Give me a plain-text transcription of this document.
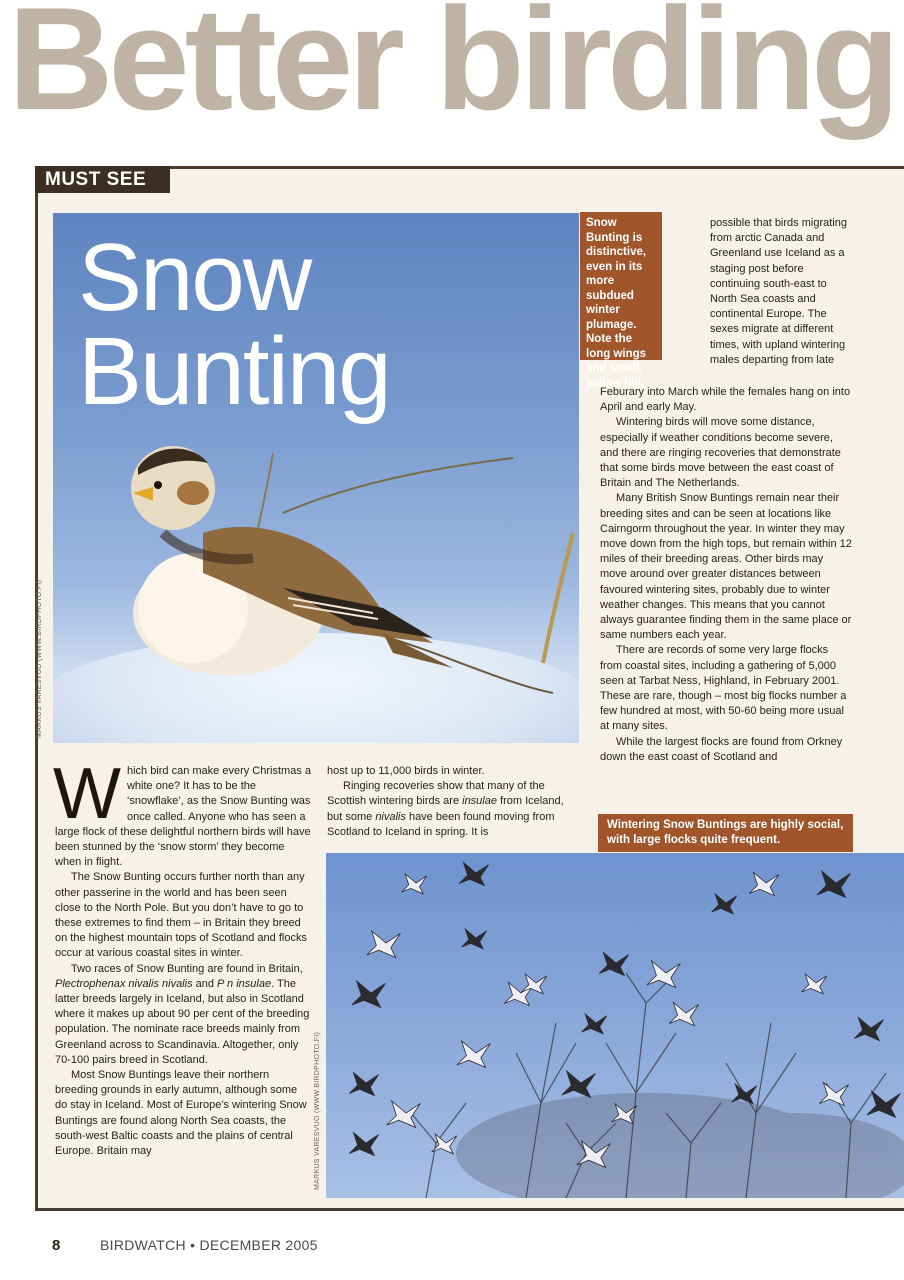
Better birding
MUST SEE
Snow
Bunting
MARKUS VARESVUO (WWW.BIRDPHOTO.FI)
Snow Bunting is distinctive, even in its more subdued winter plumage. Note the long wings and small, yellow bill.
possible that birds migrating from arctic Canada and Greenland use Iceland as a staging post before continuing south-east to North Sea coasts and continental Europe. The sexes migrate at different times, with upland wintering males departing from late

Feburary into March while the females hang on into April and early May.

Wintering birds will move some distance, especially if weather conditions become severe, and there are ringing recoveries that demonstrate that some birds move between the east coast of Britain and The Netherlands.

Many British Snow Buntings remain near their breeding sites and can be seen at locations like Cairngorm throughout the year. In winter they may move down from the high tops, but remain within 12 miles of their breeding areas. Other birds may move around over greater distances between favoured wintering sites, probably due to winter weather changes. This means that you cannot always guarantee finding them in the same place or same numbers each year.

There are records of some very large flocks from coastal sites, including a gathering of 5,000 seen at Tarbat Ness, Highland, in February 2001. These are rare, though – most big flocks number a few hundred at most, with 50-60 being more usual at many sites.

While the largest flocks are found from Orkney down the east coast of Scotland and

Which bird can make every Christmas a white one? It has to be the ‘snowflake’, as the Snow Bunting was once called. Anyone who has seen a large flock of these delightful northern birds will have been stunned by the ‘snow storm’ they become when in flight.

The Snow Bunting occurs further north than any other passerine in the world and has been seen close to the North Pole. But you don’t have to go to these extremes to find them – in Britain they breed on the highest mountain tops of Scotland and flocks occur at various coastal sites in winter.

Two races of Snow Bunting are found in Britain, Plectrophenax nivalis nivalis and P n insulae. The latter breeds largely in Iceland, but also in Scotland where it makes up about 90 per cent of the breeding population. The nominate race breeds mainly from Greenland across to Scandinavia. Altogether, only 70-100 pairs breed in Scotland.

Most Snow Buntings leave their northern breeding grounds in early autumn, although some do stay in Iceland. Most of Europe’s wintering Snow Buntings are found along North Sea coasts, the south-west Baltic coasts and the plains of central Europe. Britain may

host up to 11,000 birds in winter.

Ringing recoveries show that many of the Scottish wintering birds are insulae from Iceland, but some nivalis have been found moving from Scotland to Iceland in spring. It is

Wintering Snow Buntings are highly social, with large flocks quite frequent.
MARKUS VARESVUO (WWW.BIRDPHOTO.FI)
8	BIRDWATCH • DECEMBER 2005
